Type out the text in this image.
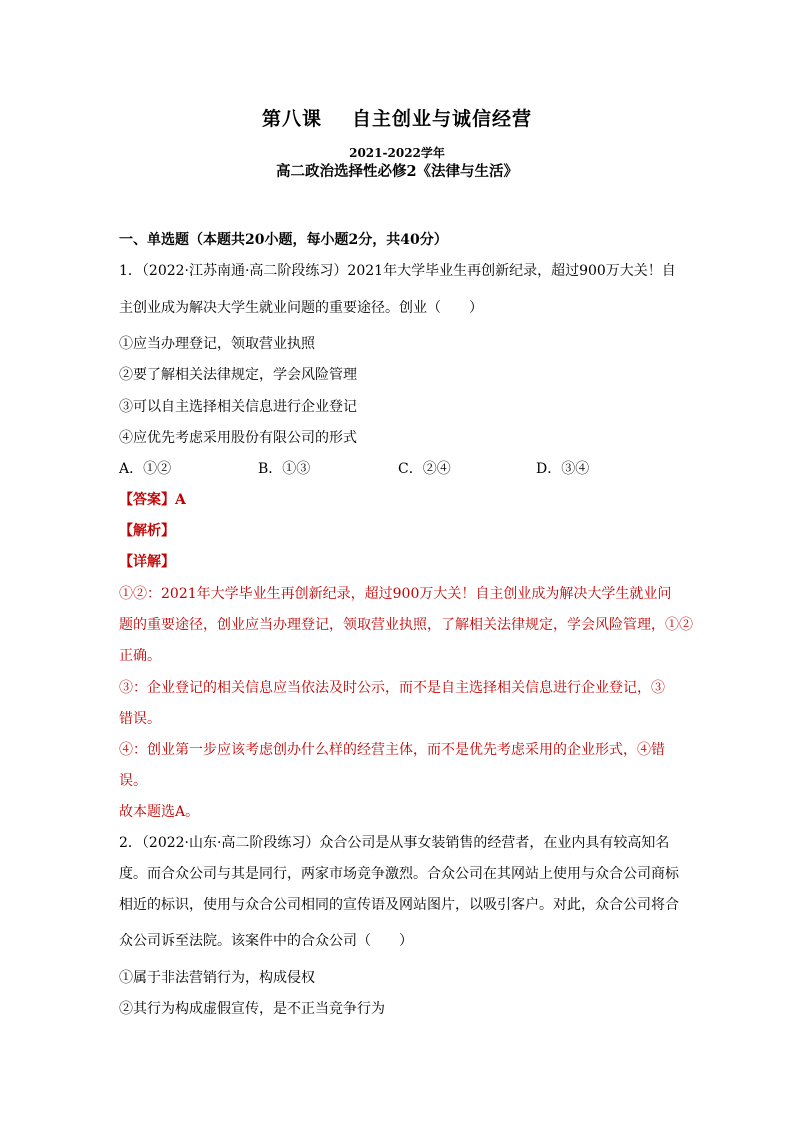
第八课 自主创业与诚信经营
2021-2022学年
高二政治选择性必修2《法律与生活》
一、单选题（本题共20小题，每小题2分，共40分）
1．（2022·江苏南通·高二阶段练习）2021年大学毕业生再创新纪录，超过900万大关！自
主创业成为解决大学生就业问题的重要途径。创业（　　）
①应当办理登记，领取营业执照
②要了解相关法律规定，学会风险管理
③可以自主选择相关信息进行企业登记
④应优先考虑采用股份有限公司的形式
A．①②	B．①③	C．②④	D．③④
【答案】A
【解析】
【详解】
①②：2021年大学毕业生再创新纪录，超过900万大关！自主创业成为解决大学生就业问
题的重要途径，创业应当办理登记，领取营业执照，了解相关法律规定，学会风险管理，①②
正确。
③：企业登记的相关信息应当依法及时公示，而不是自主选择相关信息进行企业登记，③
错误。
④：创业第一步应该考虑创办什么样的经营主体，而不是优先考虑采用的企业形式，④错
误。
故本题选A。
2．（2022·山东·高二阶段练习）众合公司是从事女装销售的经营者，在业内具有较高知名
度。而合众公司与其是同行，两家市场竞争激烈。合众公司在其网站上使用与众合公司商标
相近的标识，使用与众合公司相同的宣传语及网站图片，以吸引客户。对此，众合公司将合
众公司诉至法院。该案件中的合众公司（　　）
①属于非法营销行为，构成侵权
②其行为构成虚假宣传，是不正当竞争行为
